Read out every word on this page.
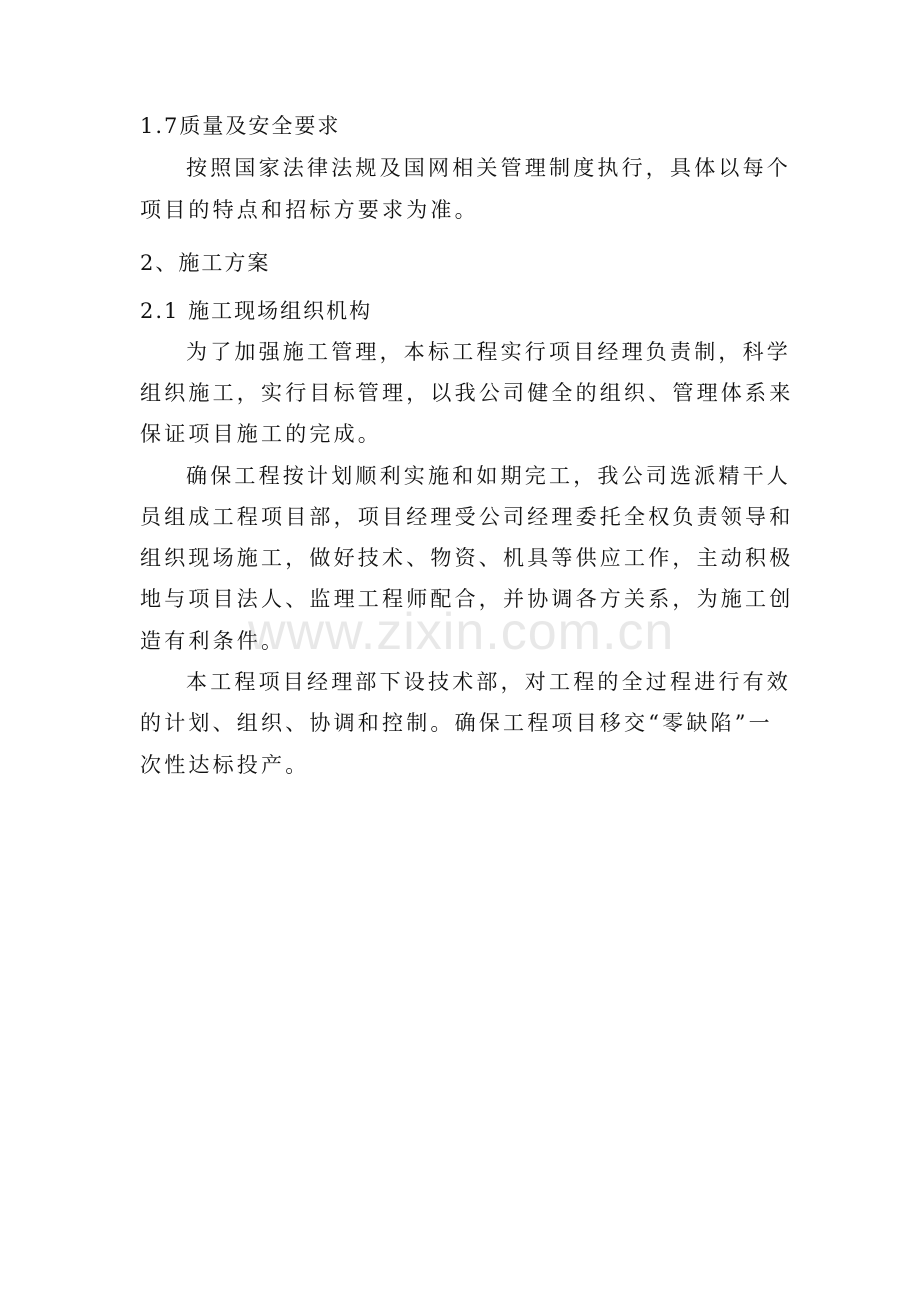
1.7质量及安全要求
按照国家法律法规及国网相关管理制度执行，具体以每个
项目的特点和招标方要求为准。
2、施工方案
2.1 施工现场组织机构
为了加强施工管理，本标工程实行项目经理负责制，科学
组织施工，实行目标管理，以我公司健全的组织、管理体系来
保证项目施工的完成。
确保工程按计划顺利实施和如期完工，我公司选派精干人
员组成工程项目部，项目经理受公司经理委托全权负责领导和
组织现场施工，做好技术、物资、机具等供应工作，主动积极
地与项目法人、监理工程师配合，并协调各方关系，为施工创
造有利条件。
本工程项目经理部下设技术部，对工程的全过程进行有效
的计划、组织、协调和控制。确保工程项目移交“零缺陷”一
次性达标投产。
www.zixin.com.cn
